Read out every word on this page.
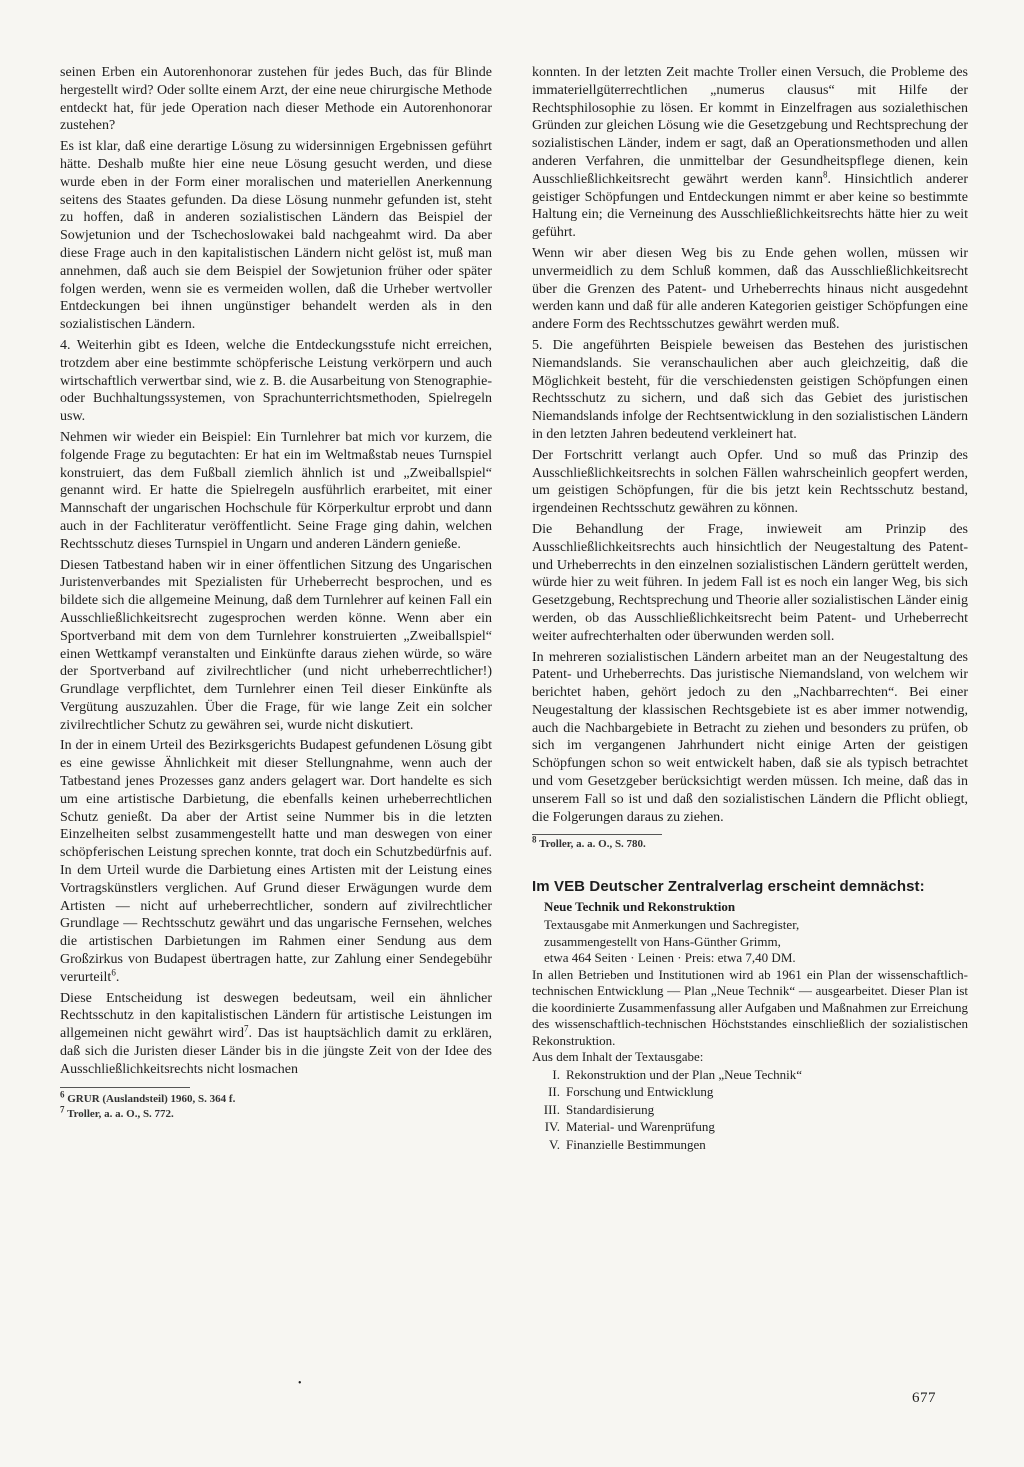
seinen Erben ein Autorenhonorar zustehen für jedes Buch, das für Blinde hergestellt wird? Oder sollte einem Arzt, der eine neue chirurgische Methode entdeckt hat, für jede Operation nach dieser Methode ein Autorenhonorar zustehen?

Es ist klar, daß eine derartige Lösung zu widersinnigen Ergebnissen geführt hätte. Deshalb mußte hier eine neue Lösung gesucht werden, und diese wurde eben in der Form einer moralischen und materiellen Anerkennung seitens des Staates gefunden. Da diese Lösung nunmehr gefunden ist, steht zu hoffen, daß in anderen sozialistischen Ländern das Beispiel der Sowjetunion und der Tschechoslowakei bald nachgeahmt wird. Da aber diese Frage auch in den kapitalistischen Ländern nicht gelöst ist, muß man annehmen, daß auch sie dem Beispiel der Sowjetunion früher oder später folgen werden, wenn sie es vermeiden wollen, daß die Urheber wertvoller Entdeckungen bei ihnen ungünstiger behandelt werden als in den sozialistischen Ländern.

4. Weiterhin gibt es Ideen, welche die Entdeckungsstufe nicht erreichen, trotzdem aber eine bestimmte schöpferische Leistung verkörpern und auch wirtschaftlich verwertbar sind, wie z. B. die Ausarbeitung von Stenographie- oder Buchhaltungssystemen, von Sprachunterrichtsmethoden, Spielregeln usw.

Nehmen wir wieder ein Beispiel: Ein Turnlehrer bat mich vor kurzem, die folgende Frage zu begutachten: Er hat ein im Weltmaßstab neues Turnspiel konstruiert, das dem Fußball ziemlich ähnlich ist und „Zweiballspiel“ genannt wird. Er hatte die Spielregeln ausführlich erarbeitet, mit einer Mannschaft der ungarischen Hochschule für Körperkultur erprobt und dann auch in der Fachliteratur veröffentlicht. Seine Frage ging dahin, welchen Rechtsschutz dieses Turnspiel in Ungarn und anderen Ländern genieße.

Diesen Tatbestand haben wir in einer öffentlichen Sitzung des Ungarischen Juristenverbandes mit Spezialisten für Urheberrecht besprochen, und es bildete sich die allgemeine Meinung, daß dem Turnlehrer auf keinen Fall ein Ausschließlichkeitsrecht zugesprochen werden könne. Wenn aber ein Sportverband mit dem von dem Turnlehrer konstruierten „Zweiballspiel“ einen Wettkampf veranstalten und Einkünfte daraus ziehen würde, so wäre der Sportverband auf zivilrechtlicher (und nicht urheberrechtlicher!) Grundlage verpflichtet, dem Turnlehrer einen Teil dieser Einkünfte als Vergütung auszuzahlen. Über die Frage, für wie lange Zeit ein solcher zivilrechtlicher Schutz zu gewähren sei, wurde nicht diskutiert.

In der in einem Urteil des Bezirksgerichts Budapest gefundenen Lösung gibt es eine gewisse Ähnlichkeit mit dieser Stellungnahme, wenn auch der Tatbestand jenes Prozesses ganz anders gelagert war. Dort handelte es sich um eine artistische Darbietung, die ebenfalls keinen urheberrechtlichen Schutz genießt. Da aber der Artist seine Nummer bis in die letzten Einzelheiten selbst zusammengestellt hatte und man deswegen von einer schöpferischen Leistung sprechen konnte, trat doch ein Schutzbedürfnis auf. In dem Urteil wurde die Darbietung eines Artisten mit der Leistung eines Vortragskünstlers verglichen. Auf Grund dieser Erwägungen wurde dem Artisten — nicht auf urheberrechtlicher, sondern auf zivilrechtlicher Grundlage — Rechtsschutz gewährt und das ungarische Fernsehen, welches die artistischen Darbietungen im Rahmen einer Sendung aus dem Großzirkus von Budapest übertragen hatte, zur Zahlung einer Sendegebühr verurteilt$^6$.

Diese Entscheidung ist deswegen bedeutsam, weil ein ähnlicher Rechtsschutz in den kapitalistischen Ländern für artistische Leistungen im allgemeinen nicht gewährt wird$^7$. Das ist hauptsächlich damit zu erklären, daß sich die Juristen dieser Länder bis in die jüngste Zeit von der Idee des Ausschließlichkeitsrechts nicht losmachen

$^6$ GRUR (Auslandsteil) 1960, S. 364 f.

$^7$ Troller, a. a. O., S. 772.

konnten. In der letzten Zeit machte Troller einen Versuch, die Probleme des immateriellgüterrechtlichen „numerus clausus“ mit Hilfe der Rechtsphilosophie zu lösen. Er kommt in Einzelfragen aus sozialethischen Gründen zur gleichen Lösung wie die Gesetzgebung und Rechtsprechung der sozialistischen Länder, indem er sagt, daß an Operationsmethoden und allen anderen Verfahren, die unmittelbar der Gesundheitspflege dienen, kein Ausschließlichkeitsrecht gewährt werden kann$^8$. Hinsichtlich anderer geistiger Schöpfungen und Entdeckungen nimmt er aber keine so bestimmte Haltung ein; die Verneinung des Ausschließlichkeitsrechts hätte hier zu weit geführt.

Wenn wir aber diesen Weg bis zu Ende gehen wollen, müssen wir unvermeidlich zu dem Schluß kommen, daß das Ausschließlichkeitsrecht über die Grenzen des Patent- und Urheberrechts hinaus nicht ausgedehnt werden kann und daß für alle anderen Kategorien geistiger Schöpfungen eine andere Form des Rechtsschutzes gewährt werden muß.

5. Die angeführten Beispiele beweisen das Bestehen des juristischen Niemandslands. Sie veranschaulichen aber auch gleichzeitig, daß die Möglichkeit besteht, für die verschiedensten geistigen Schöpfungen einen Rechtsschutz zu sichern, und daß sich das Gebiet des juristischen Niemandslands infolge der Rechtsentwicklung in den sozialistischen Ländern in den letzten Jahren bedeutend verkleinert hat.

Der Fortschritt verlangt auch Opfer. Und so muß das Prinzip des Ausschließlichkeitsrechts in solchen Fällen wahrscheinlich geopfert werden, um geistigen Schöpfungen, für die bis jetzt kein Rechtsschutz bestand, irgendeinen Rechtsschutz gewähren zu können.

Die Behandlung der Frage, inwieweit am Prinzip des Ausschließlichkeitsrechts auch hinsichtlich der Neugestaltung des Patent- und Urheberrechts in den einzelnen sozialistischen Ländern gerüttelt werden, würde hier zu weit führen. In jedem Fall ist es noch ein langer Weg, bis sich Gesetzgebung, Rechtsprechung und Theorie aller sozialistischen Länder einig werden, ob das Ausschließlichkeitsrecht beim Patent- und Urheberrecht weiter aufrechterhalten oder überwunden werden soll.

In mehreren sozialistischen Ländern arbeitet man an der Neugestaltung des Patent- und Urheberrechts. Das juristische Niemandsland, von welchem wir berichtet haben, gehört jedoch zu den „Nachbarrechten“. Bei einer Neugestaltung der klassischen Rechtsgebiete ist es aber immer notwendig, auch die Nachbargebiete in Betracht zu ziehen und besonders zu prüfen, ob sich im vergangenen Jahrhundert nicht einige Arten der geistigen Schöpfungen schon so weit entwickelt haben, daß sie als typisch betrachtet und vom Gesetzgeber berücksichtigt werden müssen. Ich meine, daß das in unserem Fall so ist und daß den sozialistischen Ländern die Pflicht obliegt, die Folgerungen daraus zu ziehen.

$^8$ Troller, a. a. O., S. 780.

Im VEB Deutscher Zentralverlag erscheint demnächst:

Neue Technik und Rekonstruktion

Textausgabe mit Anmerkungen und Sachregister,

zusammengestellt von Hans-Günther Grimm,

etwa 464 Seiten · Leinen · Preis: etwa 7,40 DM.

In allen Betrieben und Institutionen wird ab 1961 ein Plan der wissenschaftlich-technischen Entwicklung — Plan „Neue Technik“ — ausgearbeitet. Dieser Plan ist die koordinierte Zusammenfassung aller Aufgaben und Maßnahmen zur Erreichung des wissenschaftlich-technischen Höchststandes einschließlich der sozialistischen Rekonstruktion.

Aus dem Inhalt der Textausgabe:

I. Rekonstruktion und der Plan „Neue Technik“
II. Forschung und Entwicklung
III. Standardisierung
IV. Material- und Warenprüfung
V. Finanzielle Bestimmungen
•
677
